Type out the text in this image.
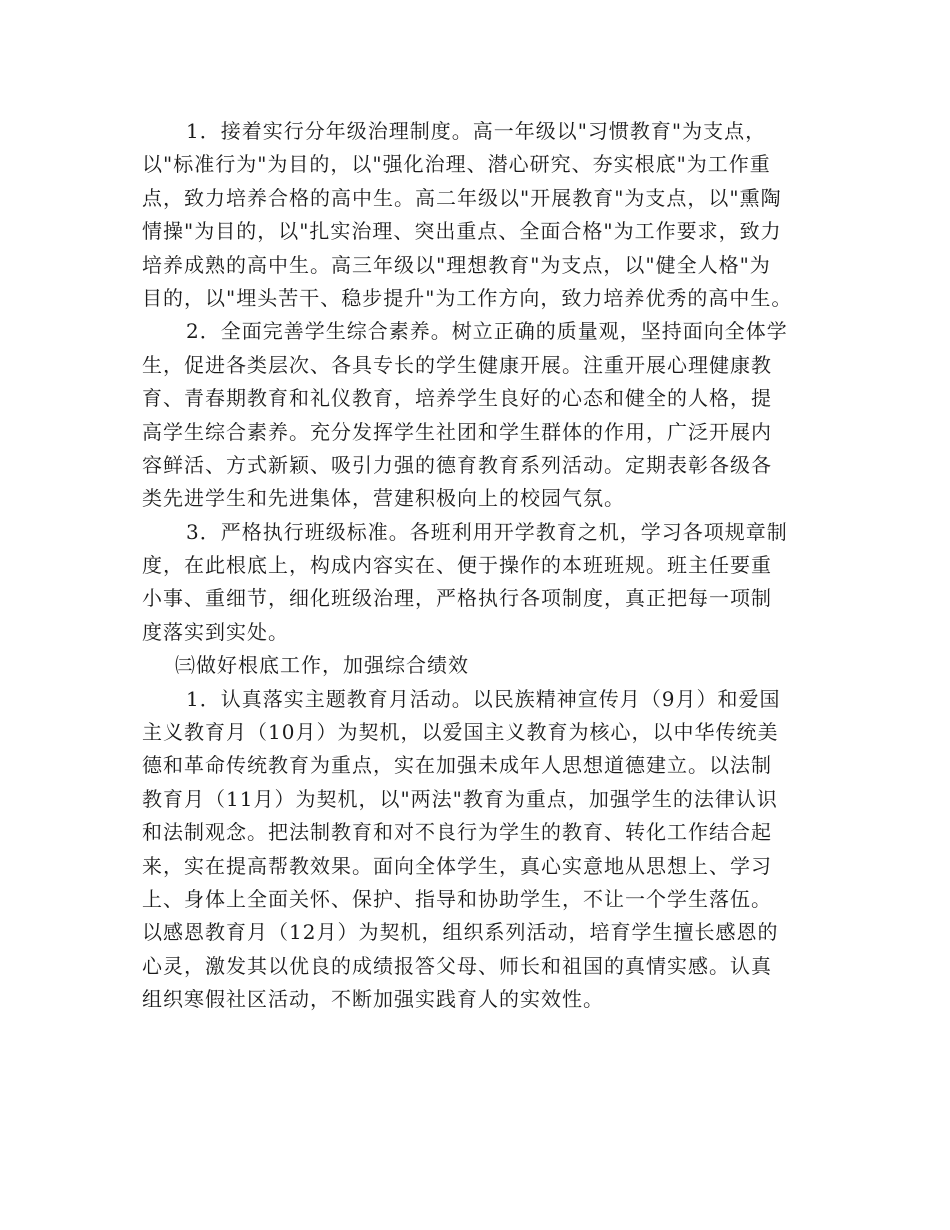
1．接着实行分年级治理制度。高一年级以"习惯教育"为支点，
以"标准行为"为目的，以"强化治理、潜心研究、夯实根底"为工作重
点，致力培养合格的高中生。高二年级以"开展教育"为支点，以"熏陶
情操"为目的，以"扎实治理、突出重点、全面合格"为工作要求，致力
培养成熟的高中生。高三年级以"理想教育"为支点，以"健全人格"为
目的，以"埋头苦干、稳步提升"为工作方向，致力培养优秀的高中生。
2．全面完善学生综合素养。树立正确的质量观，坚持面向全体学
生，促进各类层次、各具专长的学生健康开展。注重开展心理健康教
育、青春期教育和礼仪教育，培养学生良好的心态和健全的人格，提
高学生综合素养。充分发挥学生社团和学生群体的作用，广泛开展内
容鲜活、方式新颖、吸引力强的德育教育系列活动。定期表彰各级各
类先进学生和先进集体，营建积极向上的校园气氛。
3．严格执行班级标准。各班利用开学教育之机，学习各项规章制
度，在此根底上，构成内容实在、便于操作的本班班规。班主任要重
小事、重细节，细化班级治理，严格执行各项制度，真正把每一项制
度落实到实处。
㈢做好根底工作，加强综合绩效
1．认真落实主题教育月活动。以民族精神宣传月（9月）和爱国
主义教育月（10月）为契机，以爱国主义教育为核心，以中华传统美
德和革命传统教育为重点，实在加强未成年人思想道德建立。以法制
教育月（11月）为契机，以"两法"教育为重点，加强学生的法律认识
和法制观念。把法制教育和对不良行为学生的教育、转化工作结合起
来，实在提高帮教效果。面向全体学生，真心实意地从思想上、学习
上、身体上全面关怀、保护、指导和协助学生，不让一个学生落伍。
以感恩教育月（12月）为契机，组织系列活动，培育学生擅长感恩的
心灵，激发其以优良的成绩报答父母、师长和祖国的真情实感。认真
组织寒假社区活动，不断加强实践育人的实效性。
